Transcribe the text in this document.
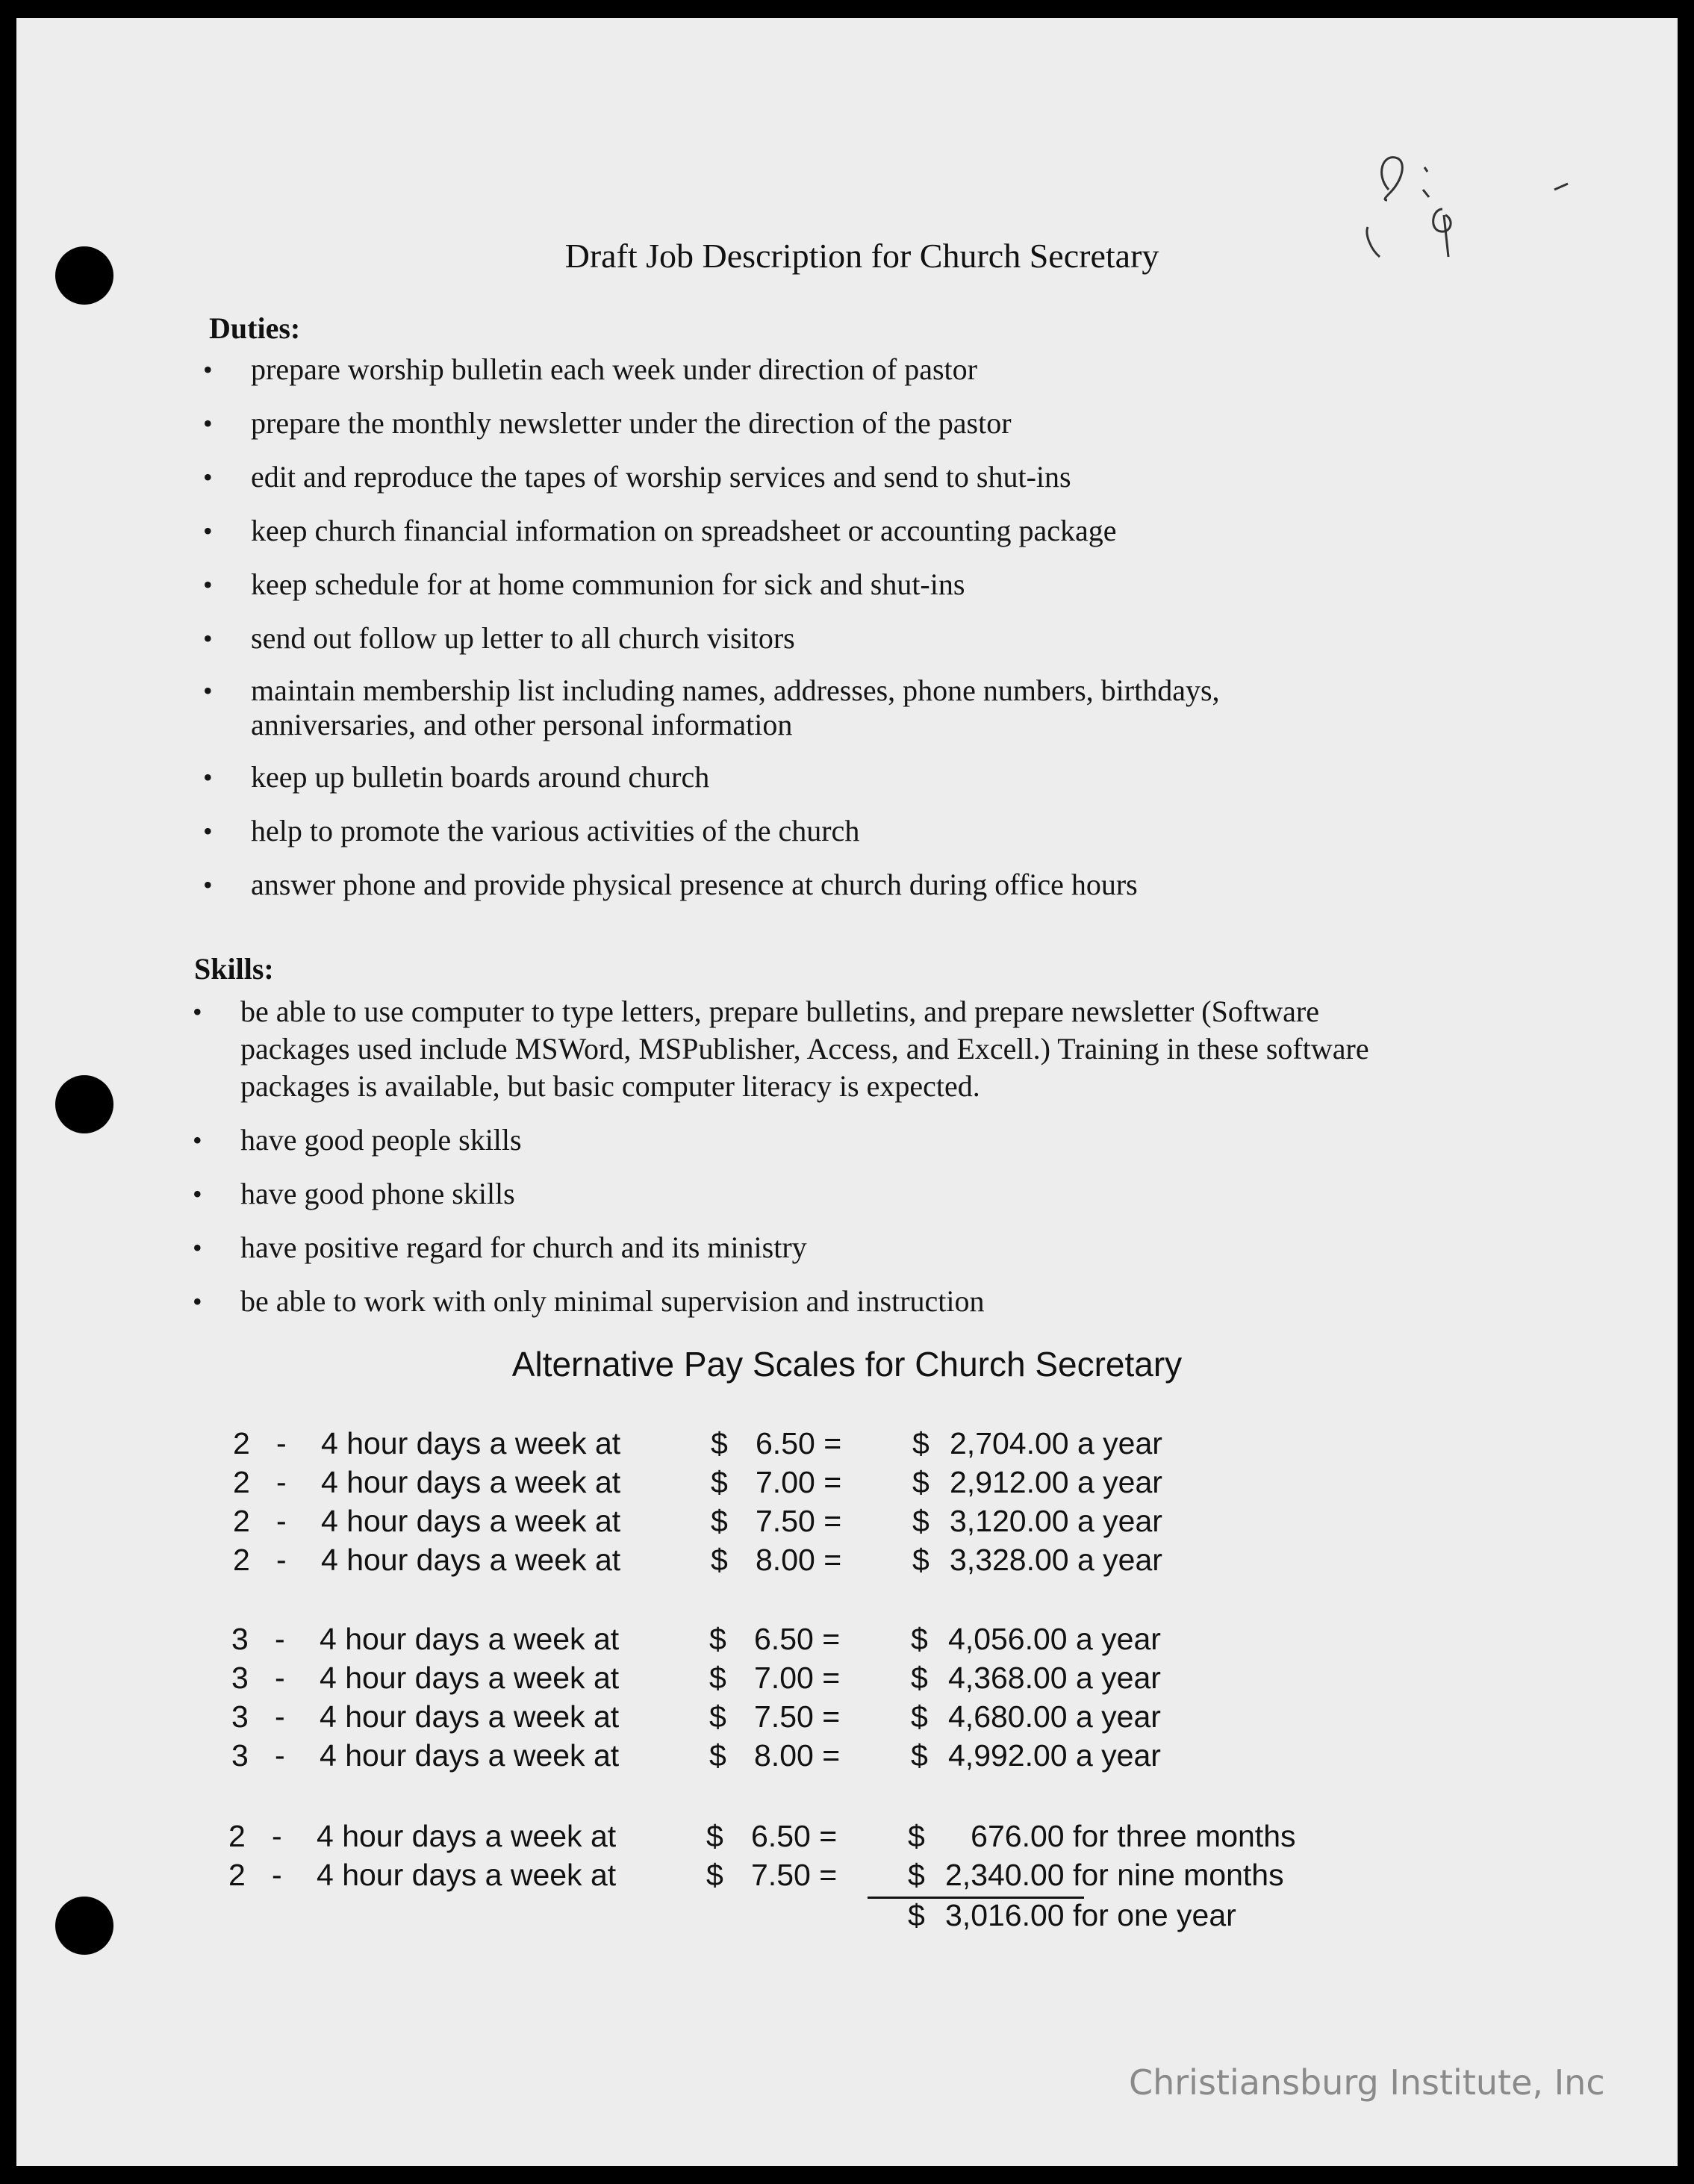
Draft Job Description for Church Secretary
Duties:
• prepare worship bulletin each week under direction of pastor
• prepare the monthly newsletter under the direction of the pastor
• edit and reproduce the tapes of worship services and send to shut-ins
• keep church financial information on spreadsheet or accounting package
• keep schedule for at home communion for sick and shut-ins
• send out follow up letter to all church visitors
• maintain membership list including names, addresses, phone numbers, birthdays, anniversaries, and other personal information
• keep up bulletin boards around church
• help to promote the various activities of the church
• answer phone and provide physical presence at church during office hours
Skills:
• be able to use computer to type letters, prepare bulletins, and prepare newsletter (Software packages used include MSWord, MSPublisher, Access, and Excell.) Training in these software packages is available, but basic computer literacy is expected.
• have good people skills
• have good phone skills
• have positive regard for church and its ministry
• be able to work with only minimal supervision and instruction
Alternative Pay Scales for Church Secretary
2 - 4 hour days a week at	$ 6.50 = $ 2,704.00 a year
2 - 4 hour days a week at	$ 7.00 = $ 2,912.00 a year
2 - 4 hour days a week at	$ 7.50 = $ 3,120.00 a year
2 - 4 hour days a week at	$ 8.00 = $ 3,328.00 a year
3 - 4 hour days a week at	$ 6.50 = $ 4,056.00 a year
3 - 4 hour days a week at	$ 7.00 = $ 4,368.00 a year
3 - 4 hour days a week at	$ 7.50 = $ 4,680.00 a year
3 - 4 hour days a week at	$ 8.00 = $ 4,992.00 a year
2 - 4 hour days a week at	$ 6.50 = $ 676.00 for three months
2 - 4 hour days a week at	$ 7.50 = $ 2,340.00 for nine months
$ 3,016.00 for one year
Christiansburg Institute, Inc
